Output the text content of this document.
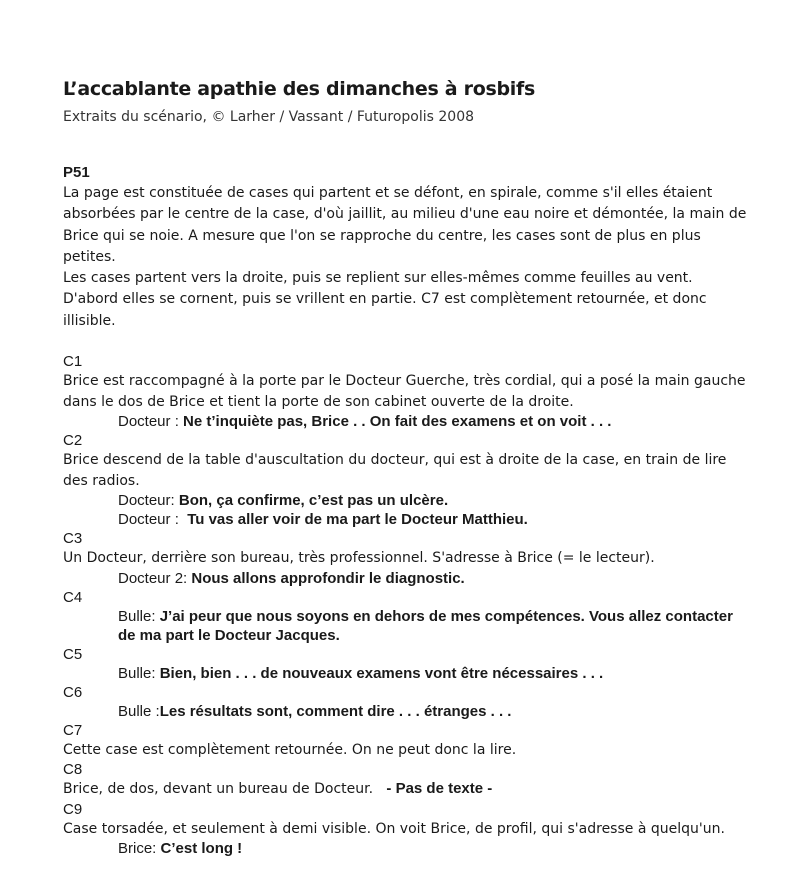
L’accablante apathie des dimanches à rosbifs
Extraits du scénario, © Larher / Vassant / Futuropolis 2008
P51
La page est constituée de cases qui partent et se défont, en spirale, comme s'il elles étaient
absorbées par le centre de la case, d'où jaillit, au milieu d'une eau noire et démontée, la main de
Brice qui se noie. A mesure que l'on se rapproche du centre, les cases sont de plus en plus
petites.
Les cases partent vers la droite, puis se replient sur elles-mêmes comme feuilles au vent.
D'abord elles se cornent, puis se vrillent en partie. C7 est complètement retournée, et donc
illisible.
C1
Brice est raccompagné à la porte par le Docteur Guerche, très cordial, qui a posé la main gauche
dans le dos de Brice et tient la porte de son cabinet ouverte de la droite.
Docteur : Ne t’inquiète pas, Brice . . On fait des examens et on voit . . .
C2
Brice descend de la table d'auscultation du docteur, qui est à droite de la case, en train de lire
des radios.
Docteur: Bon, ça confirme, c’est pas un ulcère.
Docteur :  Tu vas aller voir de ma part le Docteur Matthieu.
C3
Un Docteur, derrière son bureau, très professionnel. S'adresse à Brice (= le lecteur).
Docteur 2: Nous allons approfondir le diagnostic.
C4
Bulle: J’ai peur que nous soyons en dehors de mes compétences. Vous allez contacter
de ma part le Docteur Jacques.
C5
Bulle: Bien, bien . . . de nouveaux examens vont être nécessaires . . .
C6
Bulle :Les résultats sont, comment dire . . . étranges . . .
C7
Cette case est complètement retournée. On ne peut donc la lire.
C8
Brice, de dos, devant un bureau de Docteur.   - Pas de texte -
C9
Case torsadée, et seulement à demi visible. On voit Brice, de profil, qui s'adresse à quelqu'un.
Brice: C’est long !
